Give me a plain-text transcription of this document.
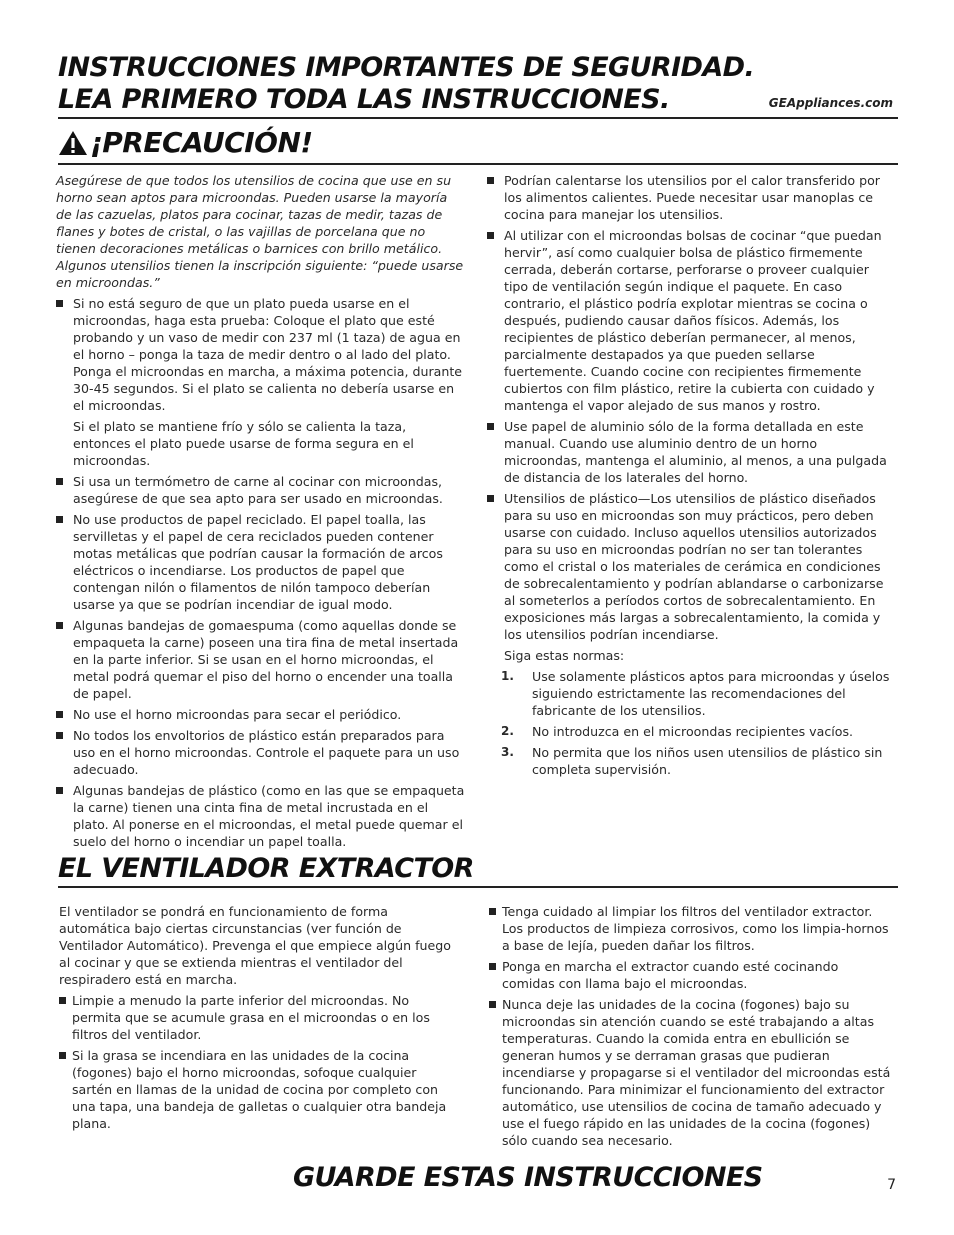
INSTRUCCIONES IMPORTANTES DE SEGURIDAD.
LEA PRIMERO TODA LAS INSTRUCCIONES.	GEAppliances.com
¡PRECAUCIÓN!

Asegúrese de que todos los utensilios de cocina que use en su horno sean aptos para microondas. Pueden usarse la mayoría de las cazuelas, platos para cocinar, tazas de medir, tazas de flanes y botes de cristal, o las vajillas de porcelana que no tienen decoraciones metálicas o barnices con brillo metálico. Algunos utensilios tienen la inscripción siguiente: “puede usarse en microondas.”

Si no está seguro de que un plato pueda usarse en el microondas, haga esta prueba: Coloque el plato que esté probando y un vaso de medir con 237 ml (1 taza) de agua en el horno – ponga la taza de medir dentro o al lado del plato. Ponga el microondas en marcha, a máxima potencia, durante 30-45 segundos. Si el plato se calienta no debería usarse en el microondas.
Si el plato se mantiene frío y sólo se calienta la taza, entonces el plato puede usarse de forma segura en el microondas.
Si usa un termómetro de carne al cocinar con microondas, asegúrese de que sea apto para ser usado en microondas.
No use productos de papel reciclado. El papel toalla, las servilletas y el papel de cera reciclados pueden contener motas metálicas que podrían causar la formación de arcos eléctricos o incendiarse. Los productos de papel que contengan nilón o filamentos de nilón tampoco deberían usarse ya que se podrían incendiar de igual modo.
Algunas bandejas de gomaespuma (como aquellas donde se empaqueta la carne) poseen una tira fina de metal insertada en la parte inferior. Si se usan en el horno microondas, el metal podrá quemar el piso del horno o encender una toalla de papel.
No use el horno microondas para secar el periódico.
No todos los envoltorios de plástico están preparados para uso en el horno microondas. Controle el paquete para un uso adecuado.
Algunas bandejas de plástico (como en las que se empaqueta la carne) tienen una cinta fina de metal incrustada en el plato. Al ponerse en el microondas, el metal puede quemar el suelo del horno o incendiar un papel toalla.
Podrían calentarse los utensilios por el calor transferido por los alimentos calientes. Puede necesitar usar manoplas ce cocina para manejar los utensilios.
Al utilizar con el microondas bolsas de cocinar “que puedan hervir”, así como cualquier bolsa de plástico firmemente cerrada, deberán cortarse, perforarse o proveer cualquier tipo de ventilación según indique el paquete. En caso contrario, el plástico podría explotar mientras se cocina o después, pudiendo causar daños físicos. Además, los recipientes de plástico deberían permanecer, al menos, parcialmente destapados ya que pueden sellarse fuertemente. Cuando cocine con recipientes firmemente cubiertos con film plástico, retire la cubierta con cuidado y mantenga el vapor alejado de sus manos y rostro.
Use papel de aluminio sólo de la forma detallada en este manual. Cuando use aluminio dentro de un horno microondas, mantenga el aluminio, al menos, a una pulgada de distancia de los laterales del horno.
Utensilios de plástico—Los utensilios de plástico diseñados para su uso en microondas son muy prácticos, pero deben usarse con cuidado. Incluso aquellos utensilios autorizados para su uso en microondas podrían no ser tan tolerantes como el cristal o los materiales de cerámica en condiciones de sobrecalentamiento y podrían ablandarse o carbonizarse al someterlos a períodos cortos de sobrecalentamiento. En exposiciones más largas a sobrecalentamiento, la comida y los utensilios podrían incendiarse.
Siga estas normas:
1. Use solamente plásticos aptos para microondas y úselos siguiendo estrictamente las recomendaciones del fabricante de los utensilios.
2. No introduzca en el microondas recipientes vacíos.
3. No permita que los niños usen utensilios de plástico sin completa supervisión.
EL VENTILADOR EXTRACTOR

El ventilador se pondrá en funcionamiento de forma automática bajo ciertas circunstancias (ver función de Ventilador Automático). Prevenga el que empiece algún fuego al cocinar y que se extienda mientras el ventilador del respiradero está en marcha.

Limpie a menudo la parte inferior del microondas. No permita que se acumule grasa en el microondas o en los filtros del ventilador.
Si la grasa se incendiara en las unidades de la cocina (fogones) bajo el horno microondas, sofoque cualquier sartén en llamas de la unidad de cocina por completo con una tapa, una bandeja de galletas o cualquier otra bandeja plana.
Tenga cuidado al limpiar los filtros del ventilador extractor. Los productos de limpieza corrosivos, como los limpia-hornos a base de lejía, pueden dañar los filtros.
Ponga en marcha el extractor cuando esté cocinando comidas con llama bajo el microondas.
Nunca deje las unidades de la cocina (fogones) bajo su microondas sin atención cuando se esté trabajando a altas temperaturas. Cuando la comida entra en ebullición se generan humos y se derraman grasas que pudieran incendiarse y propagarse si el ventilador del microondas está funcionando. Para minimizar el funcionamiento del extractor automático, use utensilios de cocina de tamaño adecuado y use el fuego rápido en las unidades de la cocina (fogones) sólo cuando sea necesario.
GUARDE ESTAS INSTRUCCIONES	7
